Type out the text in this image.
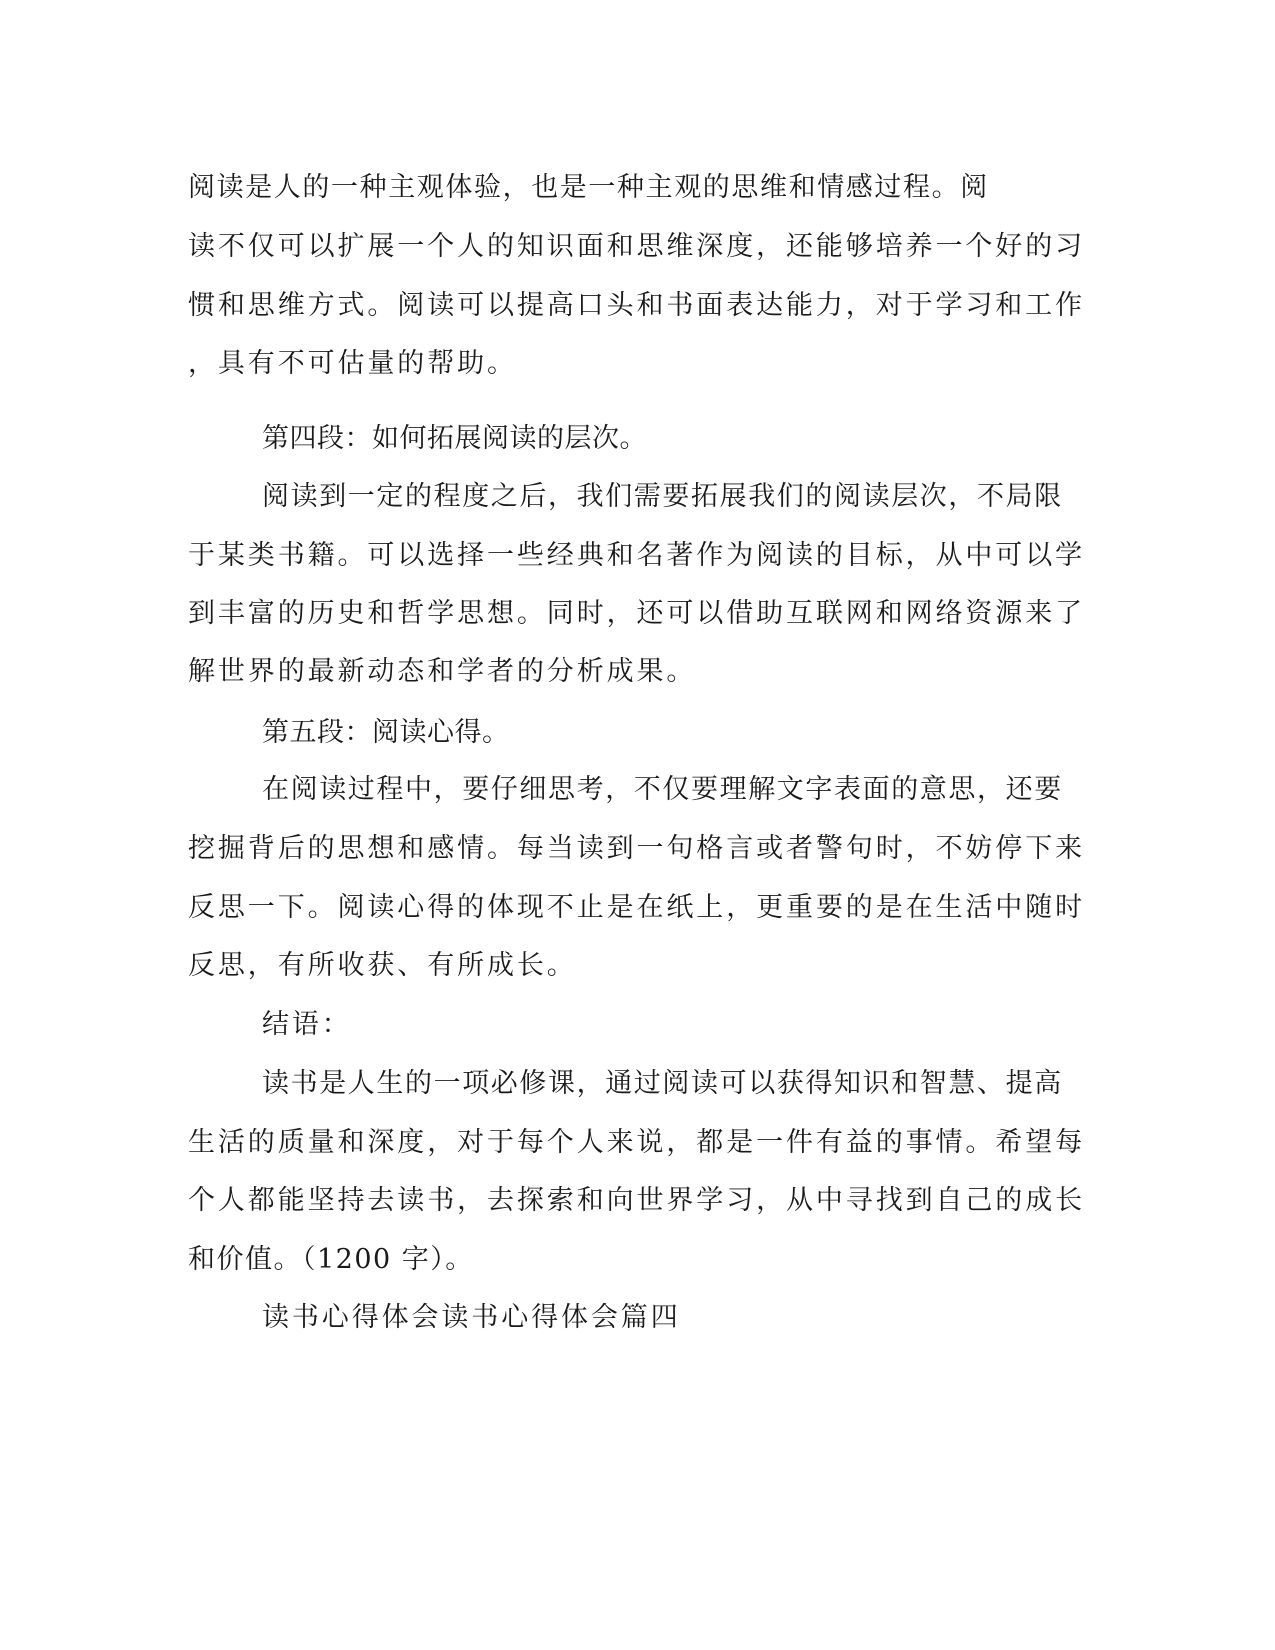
阅读是人的一种主观体验，也是一种主观的思维和情感过程。阅

读不仅可以扩展一个人的知识面和思维深度，还能够培养一个好的习

惯和思维方式。阅读可以提高口头和书面表达能力，对于学习和工作

，具有不可估量的帮助。

第四段：如何拓展阅读的层次。

阅读到一定的程度之后，我们需要拓展我们的阅读层次，不局限

于某类书籍。可以选择一些经典和名著作为阅读的目标，从中可以学

到丰富的历史和哲学思想。同时，还可以借助互联网和网络资源来了

解世界的最新动态和学者的分析成果。

第五段：阅读心得。

在阅读过程中，要仔细思考，不仅要理解文字表面的意思，还要

挖掘背后的思想和感情。每当读到一句格言或者警句时，不妨停下来

反思一下。阅读心得的体现不止是在纸上，更重要的是在生活中随时

反思，有所收获、有所成长。

结语：

读书是人生的一项必修课，通过阅读可以获得知识和智慧、提高

生活的质量和深度，对于每个人来说，都是一件有益的事情。希望每

个人都能坚持去读书，去探索和向世界学习，从中寻找到自己的成长

和价值。（1200 字）。

读书心得体会读书心得体会篇四
